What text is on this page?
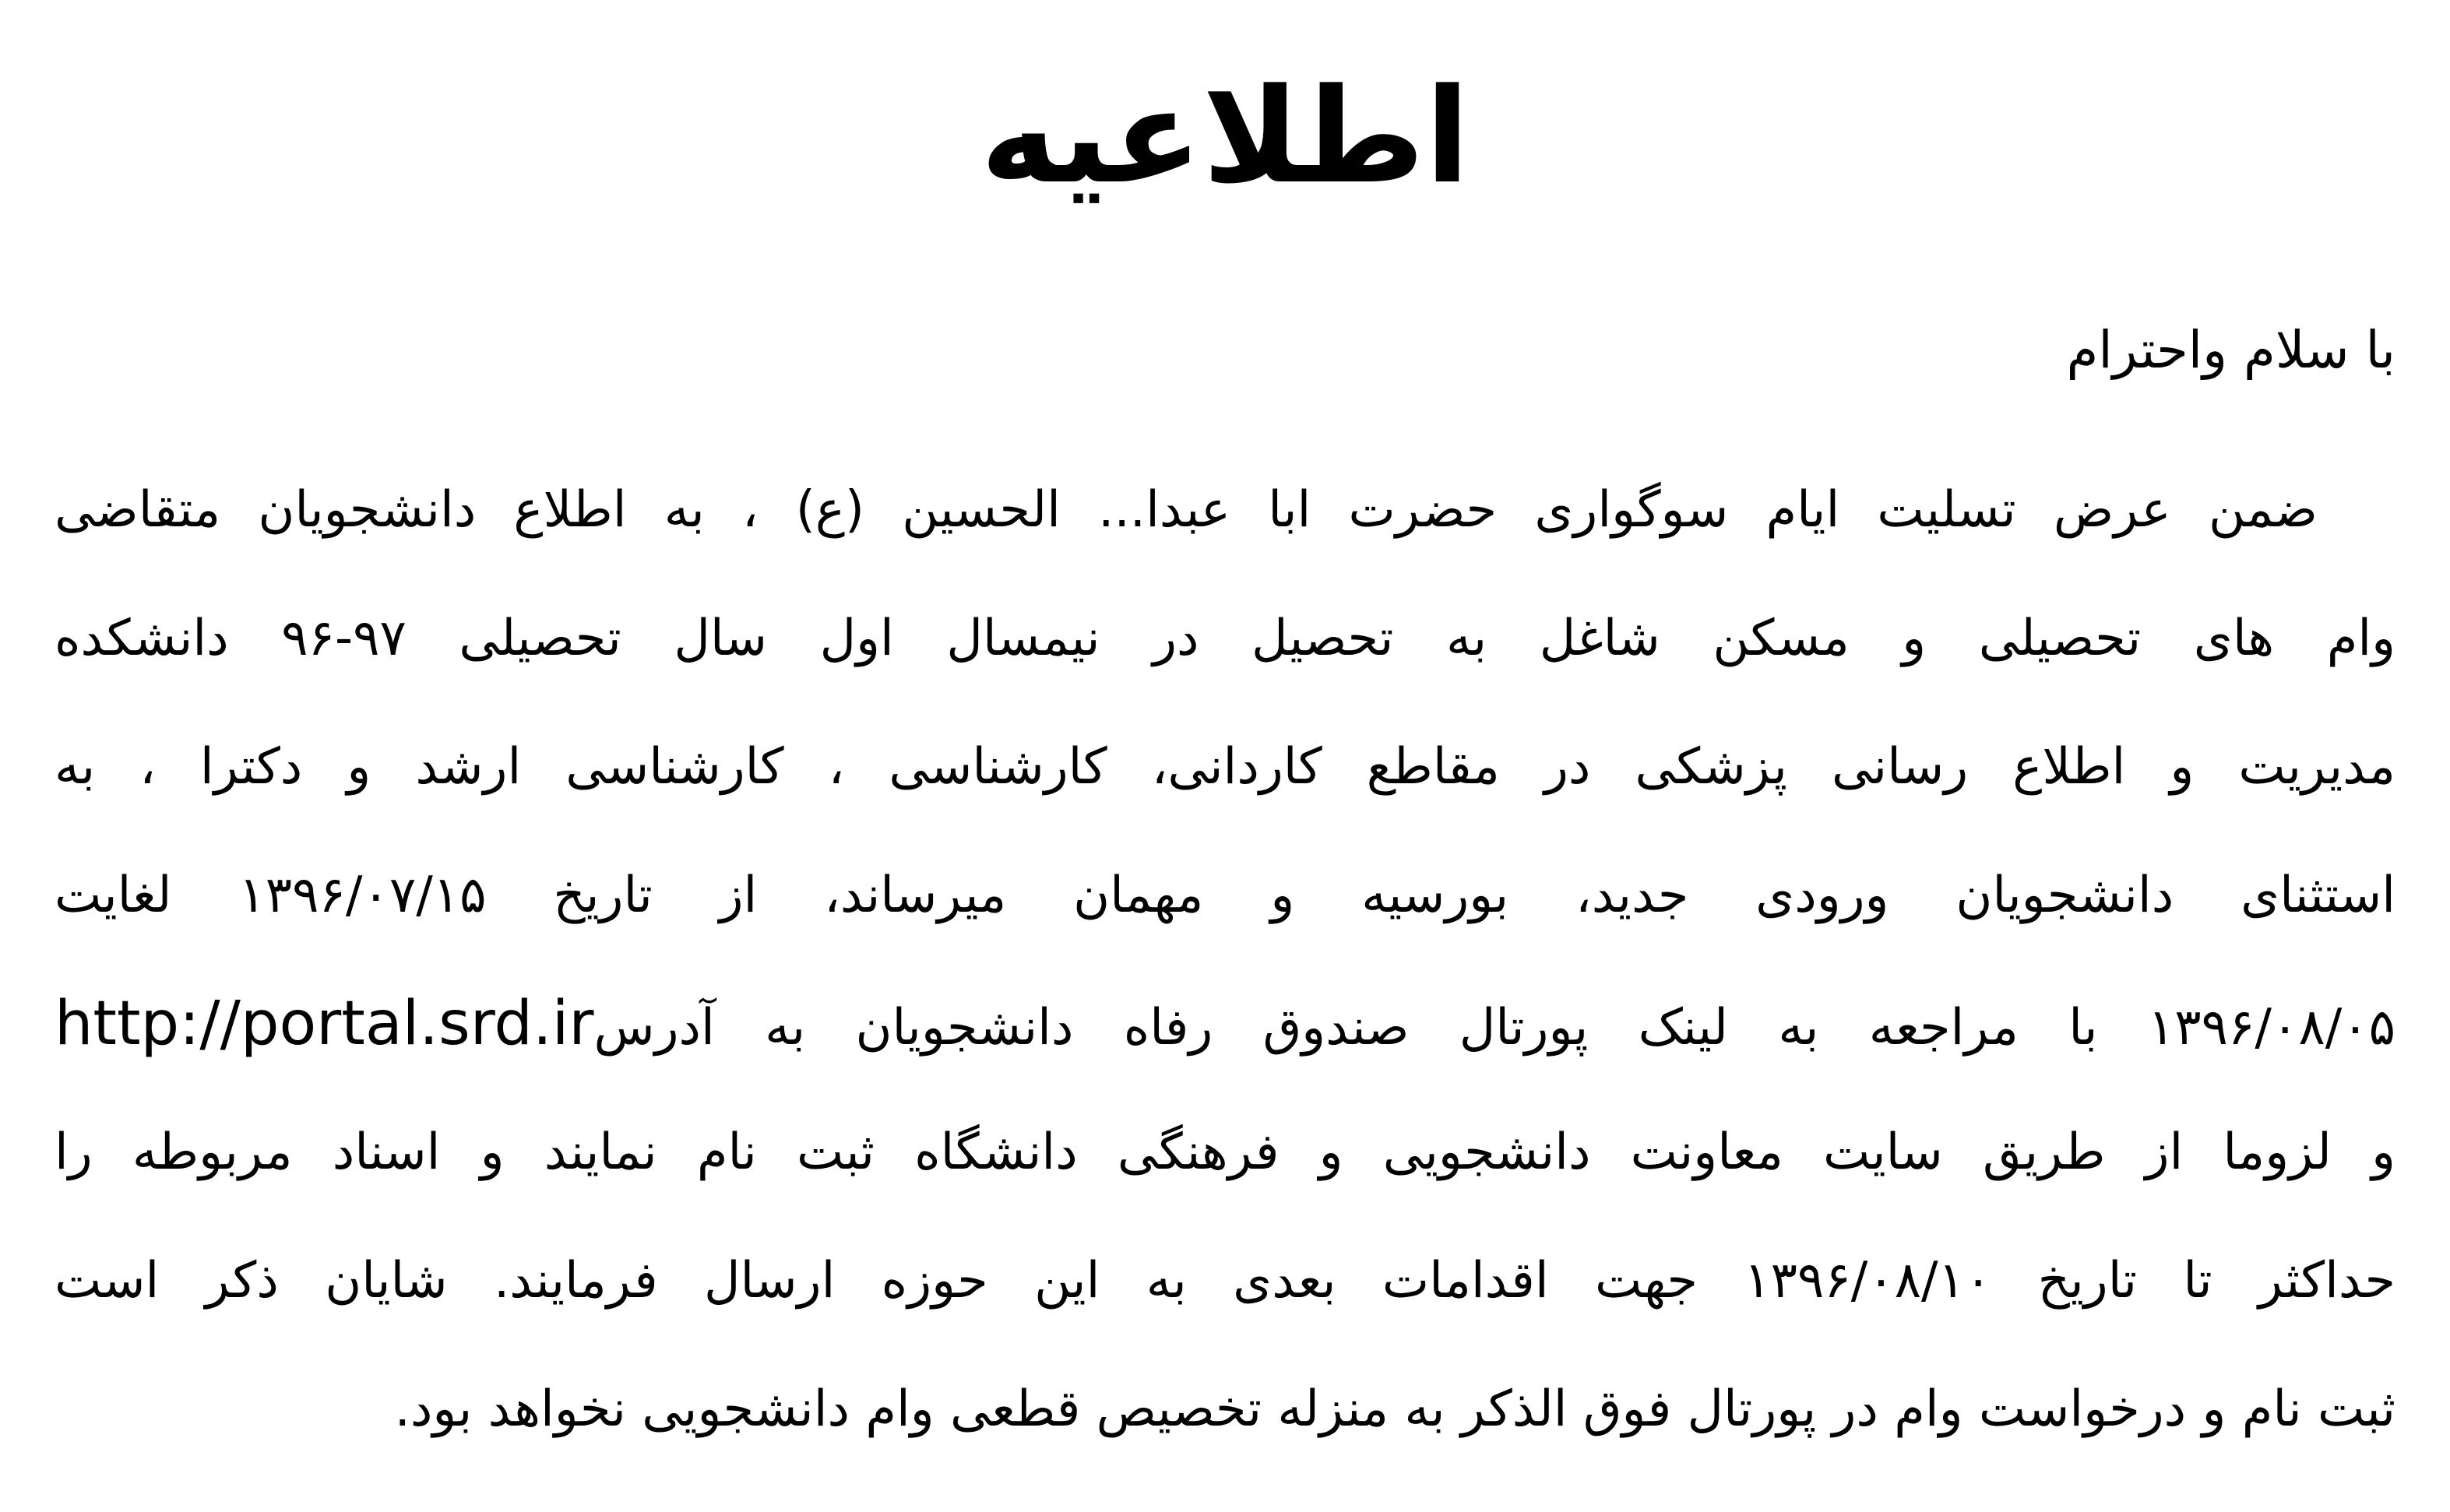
اطلاعیه

با سلام واحترام

ضمن عرض تسلیت ایام سوگواری حضرت ابا عبدا... الحسین (ع) ، به اطلاع دانشجویان متقاضی

وام های تحصیلی و مسکن شاغل به تحصیل در نیمسال اول سال تحصیلی ۹۷-۹۶ دانشکده

مدیریت و اطلاع رسانی پزشکی در مقاطع کاردانی، کارشناسی ، کارشناسی ارشد و دکترا ، به

استثنای دانشجویان ورودی جدید، بورسیه و مهمان میرساند، از تاریخ ۱۳۹۶/۰۷/۱۵ لغایت

۱۳۹۶/۰۸/۰۵ با مراجعه به لینک پورتال صندوق رفاه دانشجویان به آدرسhttp://portal.srd.ir

و لزوما از طریق سایت معاونت دانشجویی و فرهنگی دانشگاه ثبت نام نمایند و اسناد مربوطه را

حداکثر تا تاریخ ۱۳۹۶/۰۸/۱۰ جهت اقدامات بعدی به این حوزه ارسال فرمایند. شایان ذکر است

ثبت نام و درخواست وام در پورتال فوق الذکر به منزله تخصیص قطعی وام دانشجویی نخواهد بود.
